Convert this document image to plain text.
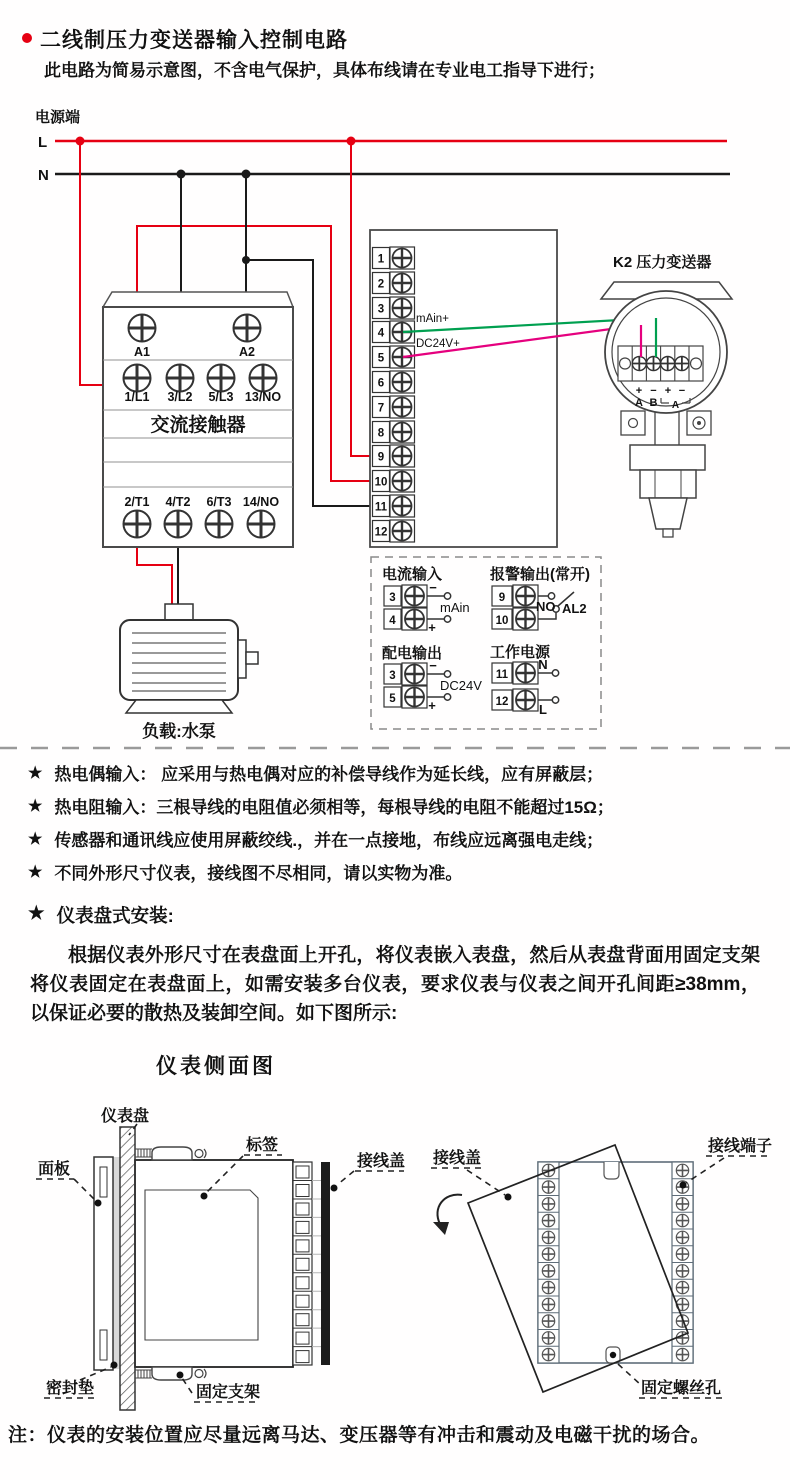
电源端
L
N
A1	A2
1/L1 3/L2 5/L3 13/NO
交流接触器
2/T1 4/T2 6/T3 14/NO
负载:水泵
1
2
3
4
5
6
7
8
9
10
11
12
mAin+
DC24V+
K2 压力变送器
+ − + −
A B A
电流输入
3
4
−
+
mAin
报警输出(常开)
9
10
NO AL2
配电输出
3
5
−
+
DC24V
工作电源
11
12
N
L
二线制压力变送器输入控制电路
此电路为简易示意图，不含电气保护，具体布线请在专业电工指导下进行；
★ 热电偶输入： 应采用与热电偶对应的补偿导线作为延长线，应有屏蔽层；
★ 热电阻输入：三根导线的电阻值必须相等，每根导线的电阻不能超过15Ω；
★ 传感器和通讯线应使用屏蔽绞线.，并在一点接地，布线应远离强电走线；
★ 不同外形尺寸仪表，接线图不尽相同，请以实物为准。
★ 仪表盘式安装:
根据仪表外形尺寸在表盘面上开孔，将仪表嵌入表盘，然后从表盘背面用固定支架将仪表固定在表盘面上，如需安装多台仪表，要求仪表与仪表之间开孔间距≥38mm，以保证必要的散热及装卸空间。如下图所示:
仪表侧面图
仪表盘
面板
标签
接线盖
密封垫	固定支架
接线盖
接线端子
固定螺丝孔
注：仪表的安装位置应尽量远离马达、变压器等有冲击和震动及电磁干扰的场合。
